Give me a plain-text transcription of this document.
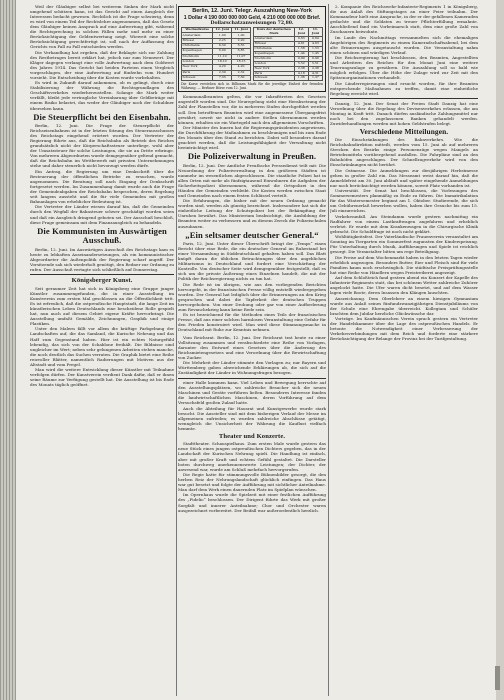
Weil der Gläubiger selbst bei weiterem Sinken der Mark nicht umgehend schützen kann, ist das Gericht auf einen Ausgleich der Interessen bedacht gewesen. Rechtlich ist die Frage schwierig, denn es wird von einem Teil der Rechtslehre angenommen, daß das Gesetz dem Gläubiger keinen Anspruch auf eine Aufwertung gibt, während die Rechtsprechung in solchen Fällen mehr und mehr zu einer Berücksichtigung der Geldentwertung neigt. Wieweit eine solche Berücksichtigung gerechtfertigt ist, soll nach der Auffassung des Gerichts von Fall zu Fall entschieden werden.

Die Verhandlung hat ergeben, daß der Beklagte sich zur Zahlung des Restbetrages bereit erklärt hat, jedoch nur zum Nennwert. Der Kläger dagegen verlangt eine volle Aufwertung nach dem Goldwert des Jahres 1914. Das Gericht hat beiden Parteien einen Vergleich vorgeschlagen, der eine Aufwertung auf fünfzehn vom Hundert vorsieht. Die Entscheidung über die Kosten wurde vorbehalten.

Es wird in Zukunft darauf ankommen, ob es gelingt, durch eine Stabilisierung der Währung die Rechtsgrundlagen des Geschäftsverkehrs wiederherzustellen. Solange die Mark weiter verfällt, bleibt jede vertragliche Vereinbarung über Geldbeträge mit einem Risiko belastet, das weder der Gläubiger noch der Schuldner übersehen kann.

Die Steuerpflicht bei den Eisenbahn.

Berlin, 12. Juni. Die Frage der Steuerpflicht der Reichseisenbahnen ist in der letzten Sitzung des Steuerausschusses des Reichstags eingehend erörtert worden. Der Vertreter der Regierung führte aus, daß die Reichsbahn als Betrieb des Reiches grundsätzlich nicht der Körperschaftssteuer unterliege, wohl aber der Umsatzsteuer für solche Leistungen, die sie an Dritte erbringe. Von mehreren Abgeordneten wurde demgegenüber geltend gemacht, daß die Reichsbahn im Wettbewerb mit privaten Unternehmungen stehe und daher steuerlich nicht bevorzugt werden dürfe.

Ein Antrag, die Regierung um eine Denkschrift über die Besteuerung der öffentlichen Betriebe zu ersuchen, wurde angenommen. Die Beratung soll nach Eingang der Denkschrift fortgesetzt werden. Im Zusammenhang damit wurde auch die Frage der Gemeindeabgaben der Reichsbahn besprochen, deren Regelung seit langem aussteht und die für viele Gemeinden mit großen Bahnanlagen von erheblicher Bedeutung ist.

Die Vertreter der Länder wiesen darauf hin, daß die Gemeinden durch den Wegfall der Bahnsteuer schwer geschädigt worden seien und daß ein Ausgleich dringend geboten sei. Der Ausschuß beschloß, diese Frage gemeinsam mit dem Finanzausgleich zu behandeln.

Die Kommunisten im Auswärtigen Ausschuß.

Berlin, 12. Juni. Im Auswärtigen Ausschuß des Reichstags kam es heute zu lebhaften Auseinandersetzungen, als ein kommunistischer Abgeordneter die Außenpolitik der Regierung scharf angriff. Der Vorsitzende sah sich wiederholt genötigt, den Redner zur Ordnung zu rufen. Der Ausschuß vertagte sich schließlich auf Donnerstag.

Königsberger Kunst.

Seit geraumer Zeit hat sich in Königsberg eine Gruppe junger Künstler zusammengefunden, die in einer Ausstellung im Kunstverein zum ersten Mal geschlossen an die Öffentlichkeit tritt. Es ist erfreulich, daß die ostpreußische Hauptstadt, die lange Zeit im künstlerischen Leben Deutschlands eine bescheidene Rolle gespielt hat, nun auch auf diesem Gebiet eigene Kräfte hervorbringt. Die Ausstellung umfaßt Gemälde, Zeichnungen, Graphik und einige Plastiken.

Unter den Malern fällt vor allem die kräftige Farbgebung der Landschaften auf, die das Samland, die Kurische Nehrung und das Haff zum Gegenstand haben. Hier ist ein echtes Naturgefühl lebendig, das sich von der Schablone freihält. Die Bildnisse sind ungleicher im Wert; neben sehr gelungenen Arbeiten stehen manche, die noch deutlich das Suchen verraten. Die Graphik bietet eine Reihe reizvoller Blätter, namentlich Radierungen mit Motiven aus der Altstadt und vom Pregel.

Man wird die weitere Entwicklung dieser Künstler mit Teilnahme verfolgen dürfen. Der Kunstverein verdient Dank dafür, daß er ihnen seine Räume zur Verfügung gestellt hat. Die Ausstellung ist bis Ende des Monats täglich geöffnet.

Berlin, 12. Juni. Telegr. Auszahlung New-York
1 Dollar 4 190 000 000 000 Geld, 4 210 000 000 000 Brief.
Dollarschatzanweisungen 72,80.
Wechselkurse	12. Juni	11. Juni
Amsterdam	1,00	1,00
Brüssel	2,25	2,20
Christiania	6,30	6,55
Kopenhagen	6,90	6,85
Stockholm	11,10	11,07
London	18,10	18,15
New York	4,20	4,20
Paris	2,39	2,32
Schweiz	7,33	7,30
Kurs der deutschen Mark	12. Juni	11. Juni
Amsterdam	0,63	0,64
Brüssel	4,61	4,63
Christiania	1,58	1,53
Kopenhagen	1,44	1,45
Stockholm	0,90	0,90
London	5,52	5,51
New York	2,38	2,38
Paris	4,18	4,31
Schweiz	1,36	1,37
Die Kurse verstehen sich in Billionen Mark für die jeweilige Einheit der fremden Währung. — Berliner Börse vom 12. Juni.

Kommunalbeamten gelten, die vor Inkrafttreten des Gesetzes angestellt worden sind. Die Neuregelung sieht eine Herabsetzung der Zahl der Planstellen vor, die in mehreren Stufen durchgeführt werden soll. Den betroffenen Beamten wird eine angemessene Übergangsfrist gewährt; soweit sie nicht in andere Stellen übernommen werden können, erhalten sie ein Wartegeld nach den allgemeinen Vorschriften.

Der Minister des Innern hat die Regierungspräsidenten angewiesen, die Durchführung der Maßnahmen zu beschleunigen und bis zum Ende des Monats über den Stand zu berichten. Dabei soll besonders darauf geachtet werden, daß die Leistungsfähigkeit der Verwaltung nicht beeinträchtigt wird.

Die Polizeiverwaltung in Preußen.

Berlin, 12. Juni. Der Amtliche Preußische Pressedienst teilt mit: Die Neuordnung der Polizeiverwaltung in den größeren Städten ist nunmehr im wesentlichen abgeschlossen. Die staatliche Polizei hat in allen Orten mit mehr als fünfzigtausend Einwohnern die Aufgaben der Sicherheitspolizei übernommen, während die Ortspolizei in den Händen der Gemeinden verbleibt. Die Kosten werden zwischen Staat und Gemeinden nach einem festen Schlüssel verteilt.

Die Erfahrungen, die bisher mit der neuen Ordnung gemacht worden sind, werden als günstig bezeichnet. Insbesondere hat sich die einheitliche Leitung der Schutzpolizei bei der Bekämpfung der Unruhen bewährt. Das Ministerium beabsichtigt, die Ausbildung der Beamten weiter zu verbessern und zu diesem Zweck die Polizeischulen auszubauen.

„Ein seltsamer deutscher General.“

Paris, 12. Juni. Unter dieser Überschrift bringt der „Temps“ einen Bericht über eine Rede, die ein deutscher General im Ruhestand bei einer Versammlung in Süddeutschland gehalten haben soll. Das Blatt knüpft daran die üblichen Betrachtungen über den angeblichen Militarismus in Deutschland und fordert eine Verschärfung der Kontrolle. Von deutscher Seite wird demgegenüber festgestellt, daß es sich um die private Äußerung eines Einzelnen handelt, die mit der Politik der Reichsregierung nichts zu tun hat.

Die Rede ist im übrigen, wie aus den vorliegenden Berichten hervorgeht, in der französischen Presse völlig entstellt wiedergegeben worden. Der General hat lediglich über die Erinnerungen an den Krieg gesprochen und dabei die Tapferkeit der deutschen Truppen hervorgehoben. Von einer Drohung oder gar von einer Aufforderung zum Revanchekrieg kann keine Rede sein.

Es ist bezeichnend für die Methoden eines Teils der französischen Presse, daß aus einer solchen harmlosen Veranstaltung eine Gefahr für den Frieden konstruiert wird. Man wird diese Stimmungsmache in Deutschland mit Ruhe zur Kenntnis nehmen.

Vom Reichsrat. Berlin, 12. Juni. Der Reichsrat trat heute zu einer Vollsitzung zusammen und verabschiedete eine Reihe von Vorlagen, darunter den Entwurf eines Gesetzes über die Änderung des Reichsmietengesetzes und eine Verordnung über die Bewirtschaftung von Zucker.

Die Mehrheit der Länder stimmte den Vorlagen zu; nur Bayern und Württemberg gaben abweichende Erklärungen ab, die sich auf die Zuständigkeit der Länder in Wohnungsfragen bezogen.

einer Halle kommen kann. Viel Leben und Bewegung herrschte auf den Ausstellungsplätzen, wo zahlreiche Besucher sich die neuen Maschinen und Geräte vorführen ließen. Besonderes Interesse fanden die landwirtschaftlichen Maschinen, deren Vorführung auf dem Versuchsfeld großen Zulauf hatte.

Auch die Abteilung für Hausrat und Kunstgewerbe wurde stark besucht. Die Aussteller sind mit dem bisherigen Verlauf der Messe im allgemeinen zufrieden; es wurden zahlreiche Abschlüsse getätigt, wenngleich die Unsicherheit der Währung die Kauflust vielfach hemmte.

Theater und Konzerte.

Stadttheater. Schauspielhaus. Zum ersten Male wurde gestern das neue Stück eines jungen ostpreußischen Dichters gegeben, das in der Landschaft der Kurischen Nehrung spielt. Die Handlung ist einfach, aber mit großer Kraft und echtem Gefühl gestaltet. Die Darsteller boten durchweg anerkennenswerte Leistungen; der Dichter, der anwesend war, wurde am Schluß mehrfach hervorgerufen.

Die Regie hatte für stimmungsvolle Bühnenbilder gesorgt, die den herben Reiz der Nehrungslandschaft glücklich einfingen. Das Haus war gut besetzt und folgte der Aufführung mit sichtlicher Anteilnahme. Man darf dem Werk einen dauernden Platz im Spielplan wünschen.

Im Opernhaus wurde die Spielzeit mit einer festlichen Aufführung des „Fidelio“ beschlossen. Der Dirigent führte das Werk mit großer Sorgfalt und innerer Anteilnahme; Chor und Orchester waren ausgezeichnet vorbereitet. Der Beifall war außerordentlich herzlich.

2. Kompanie des Reichswehr-Infanterie-Regiments 1 in Königsberg, die aus Anlaß des Stiftungstages an einer Feier teilnahm. Der Kommandeur hielt eine Ansprache, in der er der gefallenen Kameraden gedachte und die Soldaten zu treuer Pflichterfüllung ermahnte. Anschließend fand ein Vorbeimarsch statt, dem eine große Zahl von Zuschauern beiwohnte.

Im Laufe des Nachmittags versammelten sich die ehemaligen Angehörigen des Regiments zu einem Kameradschaftsabend, bei dem alte Erinnerungen ausgetauscht wurden. Die Veranstaltung nahm einen schönen und würdigen Verlauf.

Die Reichsregierung hat beschlossen, den Beamten, Angestellten und Arbeitern des Reiches für den Monat Juni eine weitere Teuerungszulage zu gewähren. Die Auszahlung soll so bald wie möglich erfolgen. Über die Höhe der Zulage wird zur Zeit mit den Spitzenorganisationen verhandelt.

Die Länderregierungen sind ersucht worden, für ihre Beamten entsprechende Maßnahmen zu treffen, damit eine einheitliche Regelung erreicht wird.

Danzig, 12. Juni. Der Senat der Freien Stadt Danzig hat eine Verordnung über die Regelung des Devisenverkehrs erlassen, die am Montag in Kraft tritt. Danach dürfen ausländische Zahlungsmittel nur noch bei den zugelassenen Banken gehandelt werden. Zuwiderhandlungen werden mit hohen Geldstrafen belegt.

Verschiedene Mitteilungen.

Die Einschränkungen des Bahnverkehrs. Wie die Reichsbahndirektion mitteilt, werden vom 15. Juni ab auf mehreren Strecken des Bezirks einige Personenzüge wegen Mangels an Betriebsmitteln vorübergehend ausfallen. Die Fahrpläne sind an den Bahnhöfen angeschlagen. Der Schnellzugverkehr wird von den Einschränkungen nicht berührt.

Die Ostmesse. Die Anmeldungen zur diesjährigen Herbstmesse gehen in großer Zahl ein. Das Messeamt weist darauf hin, daß die Anmeldefrist am 30. Juni abläuft und später eingehende Anmeldungen nur noch berücksichtigt werden können, soweit Platz vorhanden ist.

Universität. Der Senat hat beschlossen, die Vorlesungen des Sommersemesters planmäßig zu Ende zu führen. Die Immatrikulation für das Wintersemester beginnt am 1. Oktober. Studierende, die sich um Gebührenerlaß bewerben wollen, haben ihre Gesuche bis zum 15. Juli einzureichen.

Verkehrsunfall. Am Steindamm wurde gestern nachmittag ein Radfahrer von einem Lastkraftwagen angefahren und erheblich verletzt. Er wurde mit dem Krankenwagen in die Chirurgische Klinik gebracht. Die Schuldfrage ist noch nicht geklärt.

Wohltätigkeitsfest. Der Vaterländische Frauenverein veranstaltet am Sonntag im Tiergarten ein Sommerfest zugunsten der Kinderspeisung. Für Unterhaltung durch Musik, Aufführungen und Spiele ist reichlich gesorgt. Die Veranstalter bitten um rege Beteiligung.

Die Preise auf dem Wochenmarkt haben in den letzten Tagen wieder erheblich angezogen. Besonders Butter, Eier und Fleisch sind für viele Familien kaum noch erschwinglich. Die städtische Preisprüfungsstelle hat eine Reihe von Händlern wegen Preistreiberei angezeigt.

Auf dem Schloßteich fand gestern abend ein Konzert der Kapelle des Infanterie-Regiments statt, das bei schönem Wetter zahlreiche Zuhörer angelockt hatte. Die Ufer waren dicht besetzt, und auf dem Wasser lagen viele Boote, deren Insassen den Klängen lauschten.

Auszeichnung. Dem Oberlehrer an einem hiesigen Gymnasium wurde aus Anlaß seines fünfundzwanzigjährigen Dienstjubiläums von der Schule eine Ehrengabe überreicht. Kollegium und Schüler brachten dem Jubilar herzliche Glückwünsche dar.

Vorträge. Im Kaufmännischen Verein sprach gestern ein Vertreter der Handelskammer über die Lage des ostpreußischen Handels. Er betonte die Notwendigkeit einer Verbesserung der Verkehrsverbindungen mit dem Reich und forderte eine stärkere Berücksichtigung der Belange der Provinz bei der Tarifgestaltung.
